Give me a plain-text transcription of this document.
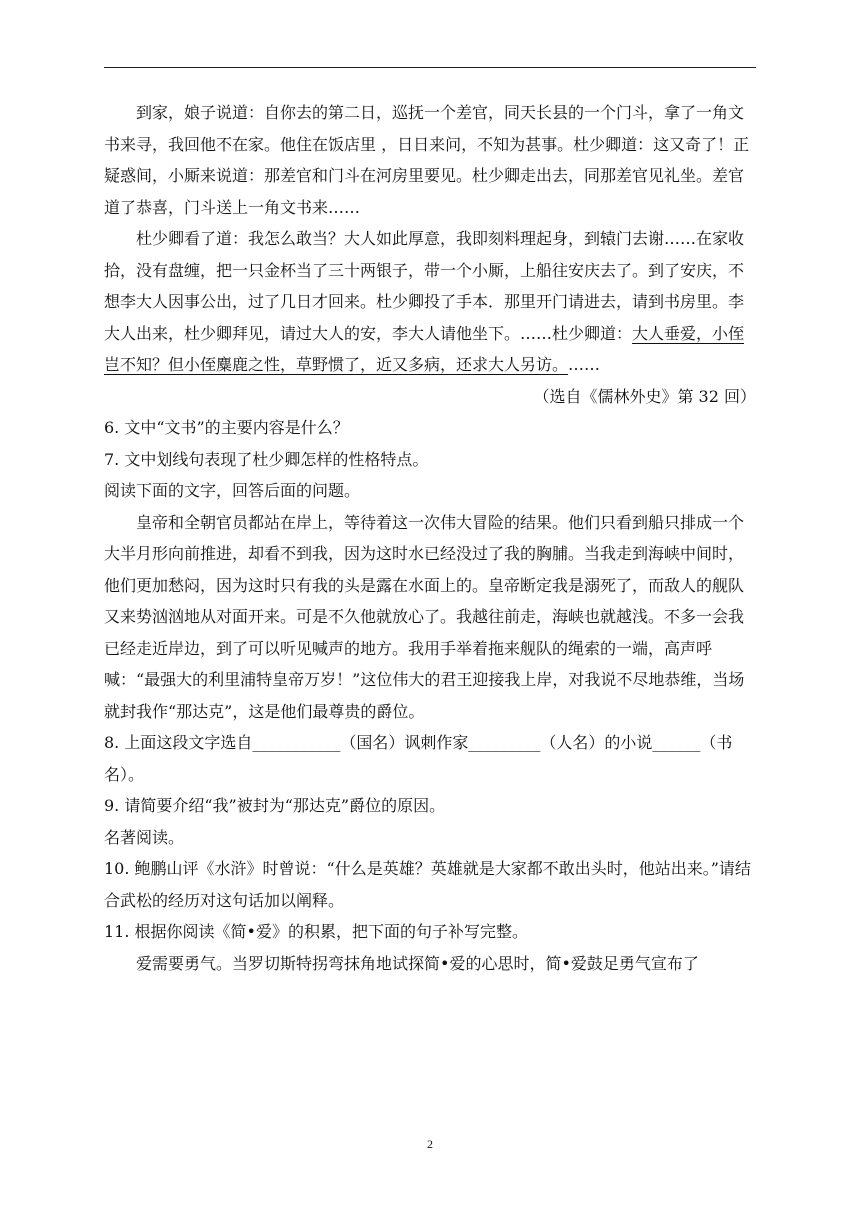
到家，娘子说道：自你去的第二日，巡抚一个差官，同天长县的一个门斗，拿了一角文书来寻，我回他不在家。他住在饭店里 ，日日来问，不知为甚事。杜少卿道：这又奇了！正疑惑间，小厮来说道：那差官和门斗在河房里要见。杜少卿走出去，同那差官见礼坐。差官道了恭喜，门斗送上一角文书来……

杜少卿看了道：我怎么敢当？大人如此厚意，我即刻料理起身，到辕门去谢……在家收拾，没有盘缠，把一只金杯当了三十两银子，带一个小厮，上船往安庆去了。到了安庆，不想李大人因事公出，过了几日才回来。杜少卿投了手本．那里开门请进去，请到书房里。李大人出来，杜少卿拜见，请过大人的安，李大人请他坐下。……杜少卿道：大人垂爱，小侄岂不知？但小侄麋鹿之性，草野惯了，近又多病，还求大人另访。……

（选自《儒林外史》第 32 回）

6. 文中“文书”的主要内容是什么？

7. 文中划线句表现了杜少卿怎样的性格特点。

阅读下面的文字，回答后面的问题。

皇帝和全朝官员都站在岸上，等待着这一次伟大冒险的结果。他们只看到船只排成一个大半月形向前推进，却看不到我，因为这时水已经没过了我的胸脯。当我走到海峡中间时，他们更加愁闷，因为这时只有我的头是露在水面上的。皇帝断定我是溺死了，而敌人的舰队又来势汹汹地从对面开来。可是不久他就放心了。我越往前走，海峡也就越浅。不多一会我已经走近岸边，到了可以听见喊声的地方。我用手举着拖来舰队的绳索的一端，高声呼喊：“最强大的利里浦特皇帝万岁！”这位伟大的君王迎接我上岸，对我说不尽地恭维，当场就封我作“那达克”，这是他们最尊贵的爵位。

8. 上面这段文字选自___________（国名）讽刺作家_________（人名）的小说______（书名）。

9. 请简要介绍“我”被封为“那达克”爵位的原因。

名著阅读。

10. 鲍鹏山评《水浒》时曾说：“什么是英雄？英雄就是大家都不敢出头时，他站出来。”请结合武松的经历对这句话加以阐释。

11. 根据你阅读《简•爱》的积累，把下面的句子补写完整。

爱需要勇气。当罗切斯特拐弯抹角地试探简•爱的心思时，简•爱鼓足勇气宣布了

2
